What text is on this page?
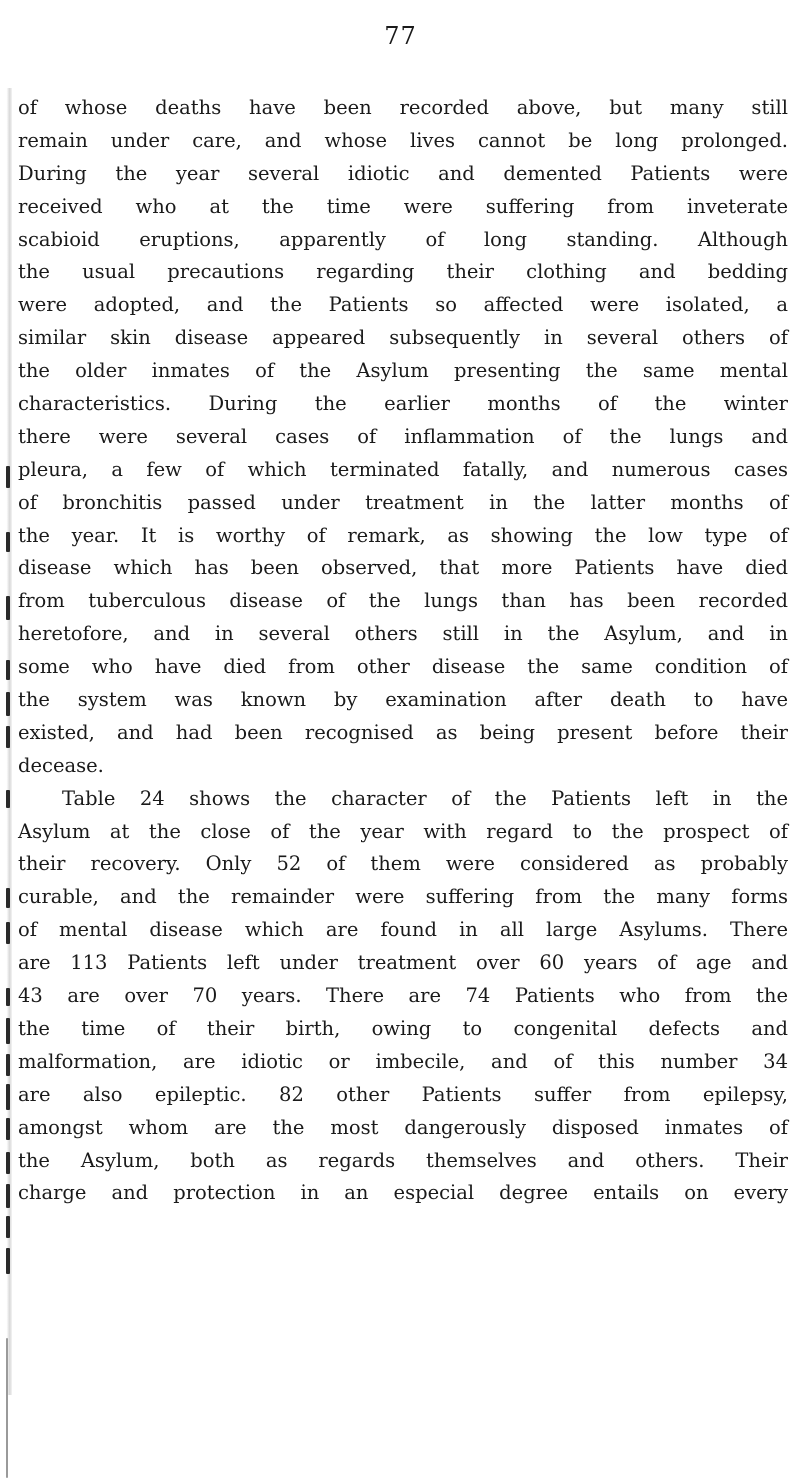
77
of whose deaths have been recorded above, but many still
remain under care, and whose lives cannot be long prolonged.
During the year several idiotic and demented Patients were
received who at the time were suffering from inveterate
scabioid eruptions, apparently of long standing. Although
the usual precautions regarding their clothing and bedding
were adopted, and the Patients so affected were isolated, a
similar skin disease appeared subsequently in several others of
the older inmates of the Asylum presenting the same mental
characteristics. During the earlier months of the winter
there were several cases of inflammation of the lungs and
pleura, a few of which terminated fatally, and numerous cases
of bronchitis passed under treatment in the latter months of
the year. It is worthy of remark, as showing the low type of
disease which has been observed, that more Patients have died
from tuberculous disease of the lungs than has been recorded
heretofore, and in several others still in the Asylum, and in
some who have died from other disease the same condition of
the system was known by examination after death to have
existed, and had been recognised as being present before their
decease.
Table 24 shows the character of the Patients left in the
Asylum at the close of the year with regard to the prospect of
their recovery. Only 52 of them were considered as probably
curable, and the remainder were suffering from the many forms
of mental disease which are found in all large Asylums. There
are 113 Patients left under treatment over 60 years of age and
43 are over 70 years. There are 74 Patients who from the
the time of their birth, owing to congenital defects and
malformation, are idiotic or imbecile, and of this number 34
are also epileptic. 82 other Patients suffer from epilepsy,
amongst whom are the most dangerously disposed inmates of
the Asylum, both as regards themselves and others. Their
charge and protection in an especial degree entails on every
